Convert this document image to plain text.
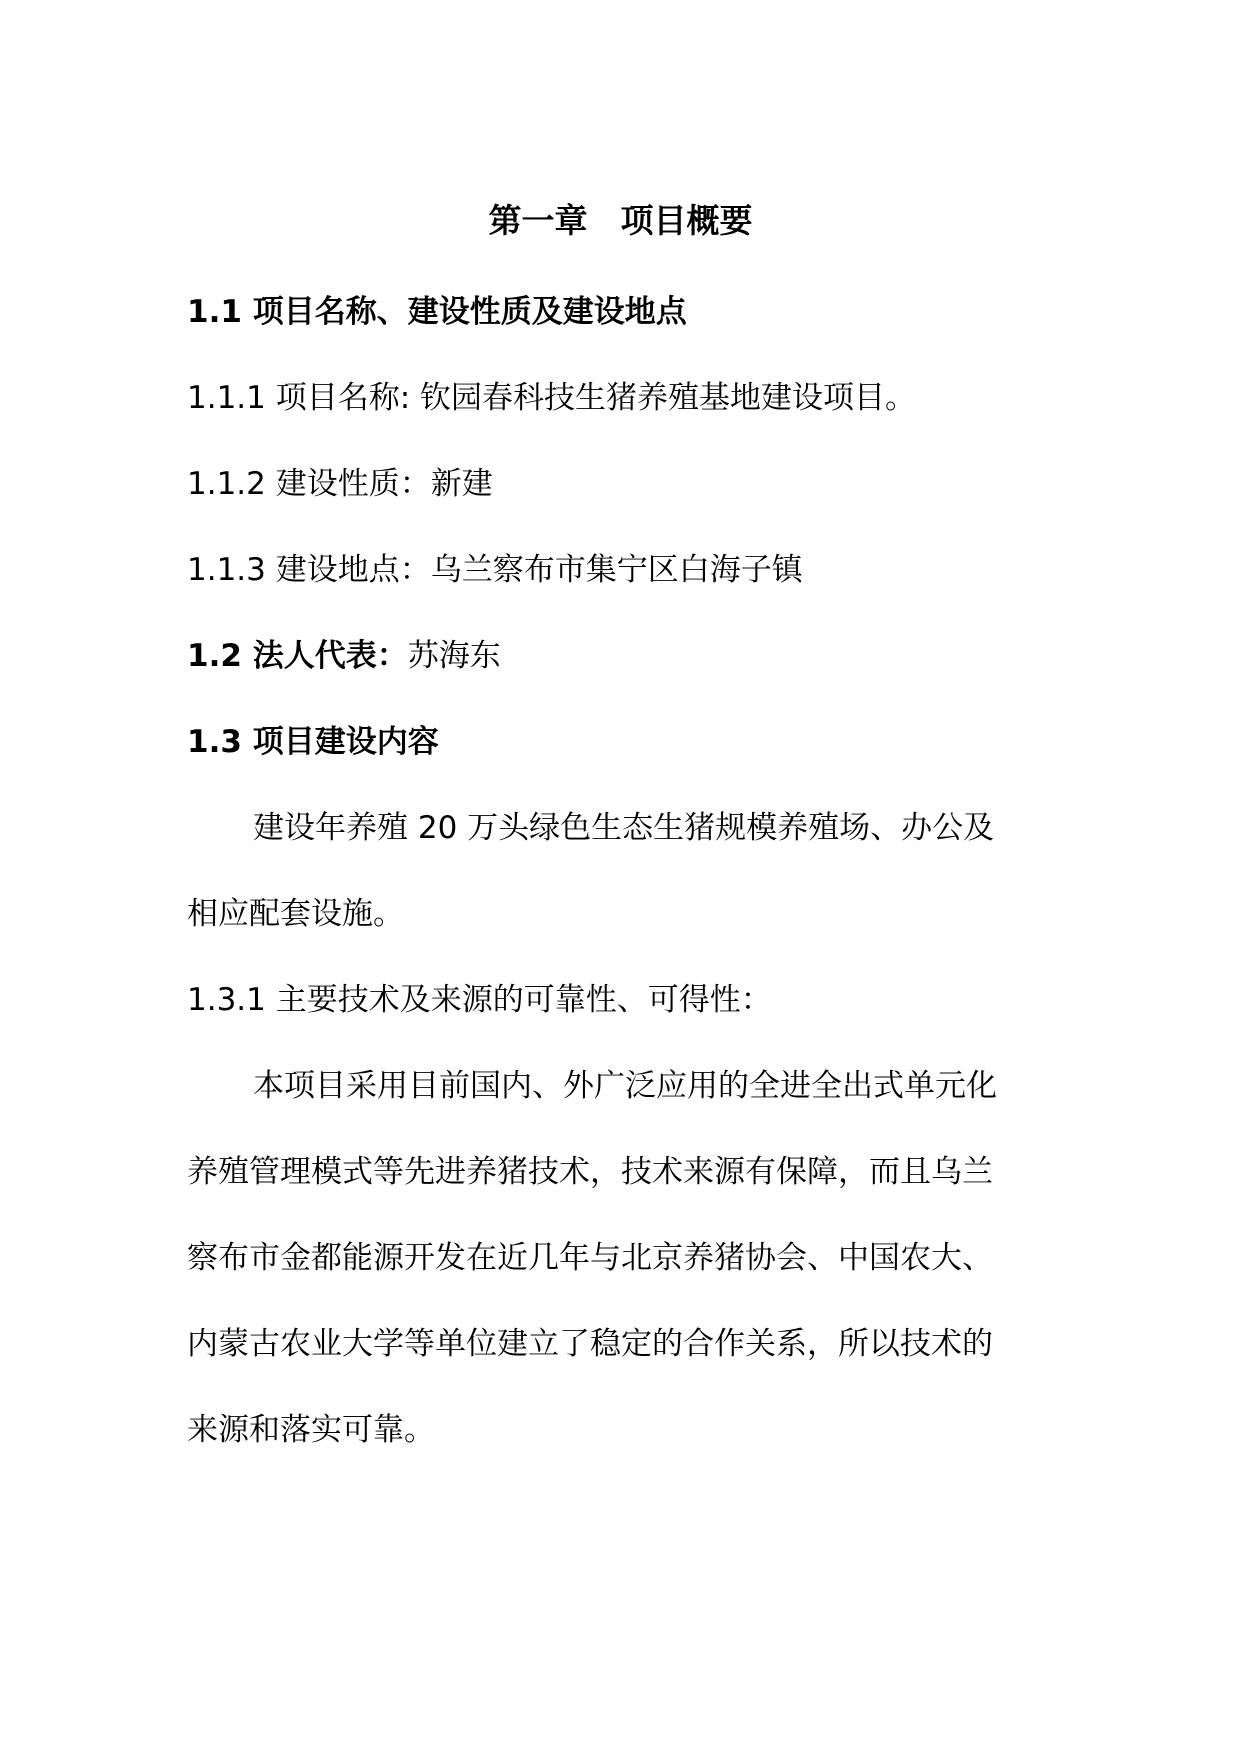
第一章　项目概要

1.1 项目名称、建设性质及建设地点

1.1.1 项目名称: 钦园春科技生猪养殖基地建设项目。

1.1.2 建设性质：新建

1.1.3 建设地点：乌兰察布市集宁区白海子镇

1.2 法人代表：苏海东

1.3 项目建设内容

建设年养殖 20 万头绿色生态生猪规模养殖场、办公及

相应配套设施。

1.3.1 主要技术及来源的可靠性、可得性：

本项目采用目前国内、外广泛应用的全进全出式单元化

养殖管理模式等先进养猪技术，技术来源有保障，而且乌兰

察布市金都能源开发在近几年与北京养猪协会、中国农大、

内蒙古农业大学等单位建立了稳定的合作关系，所以技术的

来源和落实可靠。
